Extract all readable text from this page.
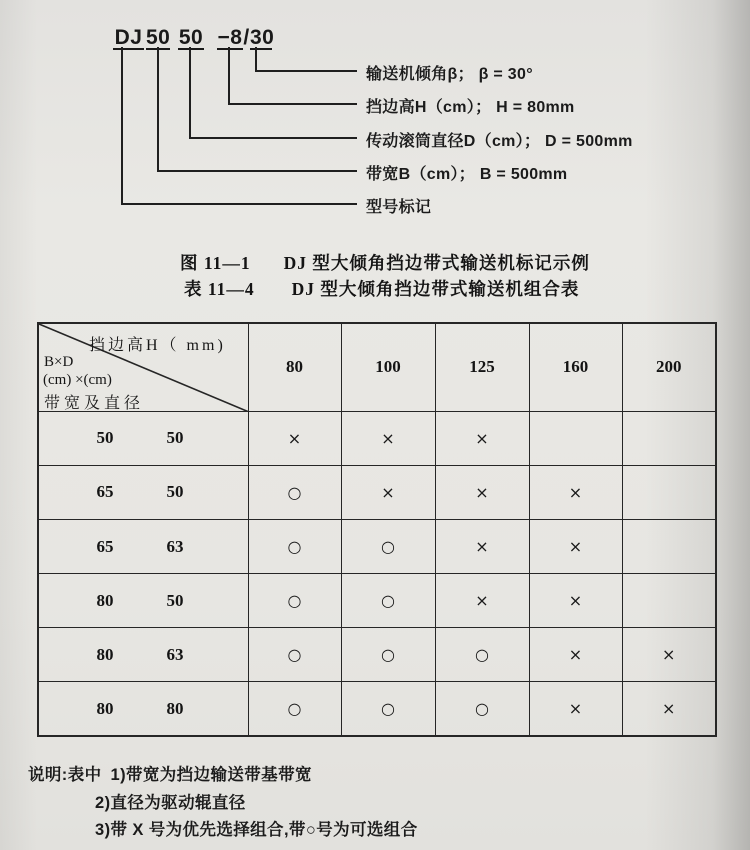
DJ 50 50 −8 / 30
输送机倾角β； β = 30°
挡边高H（cm）； H = 80mm
传动滚筒直径D（cm）； D = 500mm
带宽B（cm）； B = 500mm
型号标记
图 11—1 DJ 型大倾角挡边带式输送机标记示例
表 11—4 DJ 型大倾角挡边带式输送机组合表
挡边高H（ mm)
B×D
(cm) ×(cm)
带宽及直径	80	100	125	160	200

50 50	×	×	×		

65 50	○	×	×	×	

65 63	○	○	×	×	

80 50	○	○	×	×	

80 63	○	○	○	×	×

80 80	○	○	○	×	×
说明:表中 1)带宽为挡边输送带基带宽
2)直径为驱动辊直径
3)带 X 号为优先选择组合,带○号为可选组合
